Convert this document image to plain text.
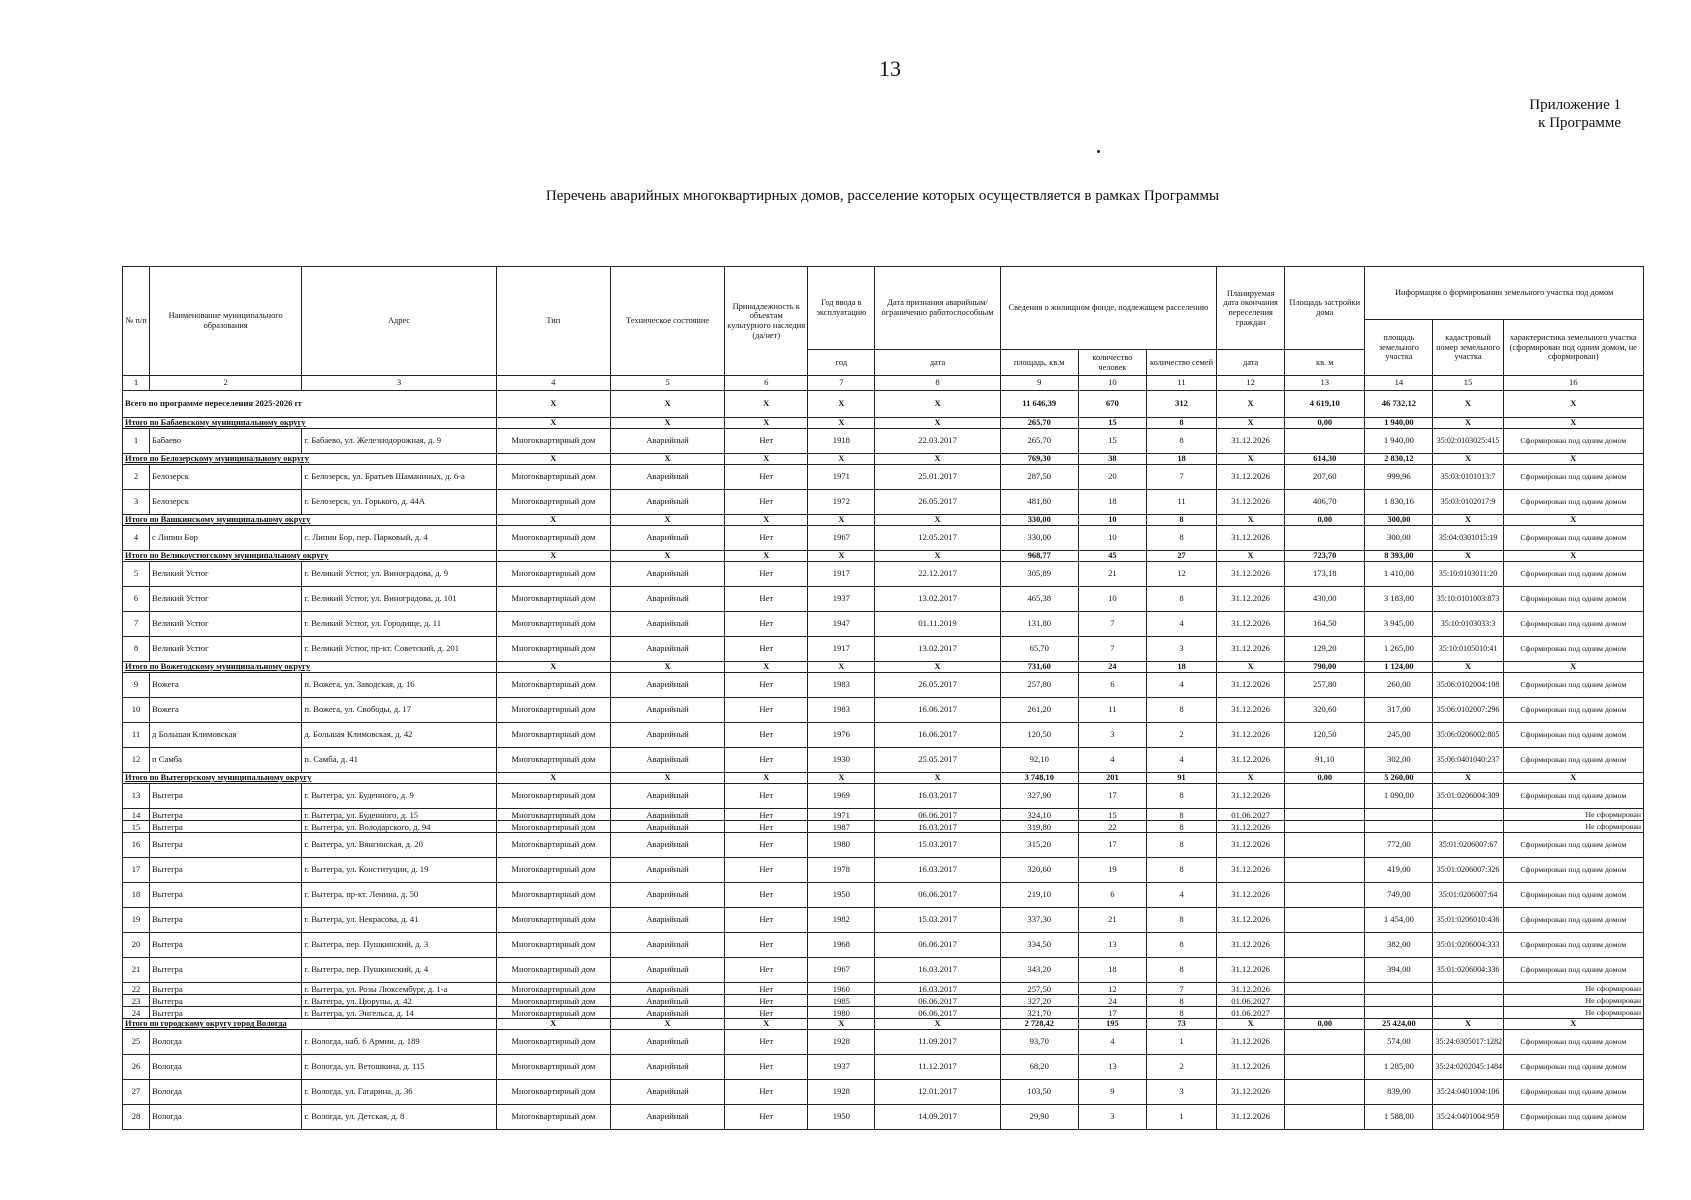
13
Приложение 1
к Программе
Перечень аварийных многоквартирных домов, расселение которых осуществляется в рамках Программы
№ п/п	Наименование муниципального образования	Адрес	Тип	Техническое состояние	Принадлежность к объектам культурного наследия (да/нет)	Год ввода в эксплуатацию	Дата признания аварийным/ограниченно работоспособным	Сведения о жилищном фонде, подлежащем расселению			Планируемая дата окончания переселения граждан	Площадь застройки дома	Информация о формировании земельного участка под домом		
													площадь земельного участка	кадастровый номер земельного участка	характеристика земельного участка (сформирован под одним домом, не сформирован)
						год	дата	площадь, кв.м	количество человек	количество семей	дата	кв. м			
1	2	3	4	5	6	7	8	9	10	11	12	13	14	15	16
Всего по программе переселения 2025-2026 гг			X	X	X	X	X	11 646,39	670	312	X	4 619,10	46 732,12	X	X
Итого по Бабаевскому муниципальному округу			X	X	X	X	X	265,70	15	8	X	0,00	1 940,00	X	X
1	Бабаево	г. Бабаево, ул. Железнодорожная, д. 9	Многоквартирный дом	Аварийный	Нет	1918	22.03.2017	265,70	15	8	31.12.2026		1 940,00	35:02:0103025:415	Сформирован под одним домом
Итого по Белозерскому муниципальному округу			X	X	X	X	X	769,30	38	18	X	614,30	2 830,12	X	X
2	Белозерск	г. Белозерск, ул. Братьев Шаманиных, д. 6-а	Многоквартирный дом	Аварийный	Нет	1971	25.01.2017	287,50	20	7	31.12.2026	207,60	999,96	35:03:0101013:7	Сформирован под одним домом
3	Белозерск	г. Белозерск, ул. Горького, д. 44А	Многоквартирный дом	Аварийный	Нет	1972	26.05.2017	481,80	18	11	31.12.2026	406,70	1 830,16	35:03:0102017:9	Сформирован под одним домом
Итого по Вашкинскому муниципальному округу			X	X	X	X	X	330,00	10	8	X	0,00	300,00	X	X
4	с Липин Бор	с. Липин Бор, пер. Парковый, д. 4	Многоквартирный дом	Аварийный	Нет	1967	12.05.2017	330,00	10	8	31.12.2026		300,00	35:04:0301015:19	Сформирован под одним домом
Итого по Великоустюгскому муниципальному округу			X	X	X	X	X	968,77	45	27	X	723,70	8 393,00	X	X
5	Великий Устюг	г. Великий Устюг, ул. Виноградова, д. 9	Многоквартирный дом	Аварийный	Нет	1917	22.12.2017	305,89	21	12	31.12.2026	173,18	1 410,00	35:10:0103011:20	Сформирован под одним домом
6	Великий Устюг	г. Великий Устюг, ул. Виноградова, д. 101	Многоквартирный дом	Аварийный	Нет	1937	13.02.2017	465,38	10	8	31.12.2026	430,00	3 183,00	35:10:0101003:873	Сформирован под одним домом
7	Великий Устюг	г. Великий Устюг, ул. Городище, д. 11	Многоквартирный дом	Аварийный	Нет	1947	01.11.2019	131,80	7	4	31.12.2026	164,50	3 945,00	35:10:0103033:3	Сформирован под одним домом
8	Великий Устюг	г. Великий Устюг, пр-кт. Советский, д. 201	Многоквартирный дом	Аварийный	Нет	1917	13.02.2017	65,70	7	3	31.12.2026	129,20	1 265,00	35:10:0105010:41	Сформирован под одним домом
Итого по Вожегодскому муниципальному округу			X	X	X	X	X	731,60	24	18	X	790,00	1 124,00	X	X
9	Вожега	п. Вожега, ул. Заводская, д. 16	Многоквартирный дом	Аварийный	Нет	1983	26.05.2017	257,80	6	4	31.12.2026	257,80	260,00	35:06:0102004:108	Сформирован под одним домом
10	Вожега	п. Вожега, ул. Свободы, д. 17	Многоквартирный дом	Аварийный	Нет	1983	16.06.2017	261,20	11	8	31.12.2026	320,60	317,00	35:06:0102007:296	Сформирован под одним домом
11	д Большая Климовская	д. Большая Климовская, д. 42	Многоквартирный дом	Аварийный	Нет	1976	16.06.2017	120,50	3	2	31.12.2026	120,50	245,00	35:06:0206002:805	Сформирован под одним домом
12	п Самба	п. Самба, д. 41	Многоквартирный дом	Аварийный	Нет	1930	25.05.2017	92,10	4	4	31.12.2026	91,10	302,00	35:06:0401040:237	Сформирован под одним домом
Итого по Вытегорскому муниципальному округу			X	X	X	X	X	3 748,10	201	91	X	0,00	5 260,00	X	X
13	Вытегра	г. Вытегра, ул. Буденного, д. 9	Многоквартирный дом	Аварийный	Нет	1969	16.03.2017	327,90	17	8	31.12.2026		1 090,00	35:01:0206004:309	Сформирован под одним домом
14	Вытегра	г. Вытегра, ул. Буденного, д. 15	Многоквартирный дом	Аварийный	Нет	1971	06.06.2017	324,10	15	8	01.06.2027				Не сформирован
15	Вытегра	г. Вытегра, ул. Володарского, д. 94	Многоквартирный дом	Аварийный	Нет	1987	16.03.2017	319,80	22	8	31.12.2026				Не сформирован
16	Вытегра	г. Вытегра, ул. Вянгинская, д. 20	Многоквартирный дом	Аварийный	Нет	1980	15.03.2017	315,20	17	8	31.12.2026		772,00	35:01:0206007:67	Сформирован под одним домом
17	Вытегра	г. Вытегра, ул. Конституции, д. 19	Многоквартирный дом	Аварийный	Нет	1978	16.03.2017	320,60	19	8	31.12.2026		419,00	35:01:0206007:326	Сформирован под одним домом
18	Вытегра	г. Вытегра, пр-кт. Ленина, д. 50	Многоквартирный дом	Аварийный	Нет	1950	06.06.2017	219,10	6	4	31.12.2026		749,00	35:01:0206007:64	Сформирован под одним домом
19	Вытегра	г. Вытегра, ул. Некрасова, д. 41	Многоквартирный дом	Аварийный	Нет	1982	15.03.2017	337,30	21	8	31.12.2026		1 454,00	35:01:0206010:436	Сформирован под одним домом
20	Вытегра	г. Вытегра, пер. Пушкинский, д. 3	Многоквартирный дом	Аварийный	Нет	1968	06.06.2017	334,50	13	8	31.12.2026		382,00	35:01:0206004:333	Сформирован под одним домом
21	Вытегра	г. Вытегра, пер. Пушкинский, д. 4	Многоквартирный дом	Аварийный	Нет	1967	16.03.2017	343,20	18	8	31.12.2026		394,00	35:01:0206004:336	Сформирован под одним домом
22	Вытегра	г. Вытегра, ул. Розы Люксембург, д. 1-а	Многоквартирный дом	Аварийный	Нет	1960	16.03.2017	257,50	12	7	31.12.2026				Не сформирован
23	Вытегра	г. Вытегра, ул. Цюрупы, д. 42	Многоквартирный дом	Аварийный	Нет	1985	06.06.2017	327,20	24	8	01.06.2027				Не сформирован
24	Вытегра	г. Вытегра, ул. Энгельса, д. 14	Многоквартирный дом	Аварийный	Нет	1980	06.06.2017	321,70	17	8	01.06.2027				Не сформирован
Итого по городскому округу город Вологда			X	X	X	X	X	2 728,42	195	73	X	0,00	25 424,00	X	X
25	Вологда	г. Вологда, наб. 6 Армии, д. 189	Многоквартирный дом	Аварийный	Нет	1928	11.09.2017	93,70	4	1	31.12.2026		574,00	35:24:0305017:1282	Сформирован под одним домом
26	Вологда	г. Вологда, ул. Ветошкина, д. 115	Многоквартирный дом	Аварийный	Нет	1937	11.12.2017	68,20	13	2	31.12.2026		1 285,00	35:24:0202045:1484	Сформирован под одним домом
27	Вологда	г. Вологда, ул. Гагарина, д. 36	Многоквартирный дом	Аварийный	Нет	1928	12.01.2017	103,50	9	3	31.12.2026		839,00	35:24:0401004:106	Сформирован под одним домом
28	Вологда	г. Вологда, ул. Детская, д. 8	Многоквартирный дом	Аварийный	Нет	1950	14.09.2017	29,90	3	1	31.12.2026		1 588,00	35:24:0401004:959	Сформирован под одним домом
